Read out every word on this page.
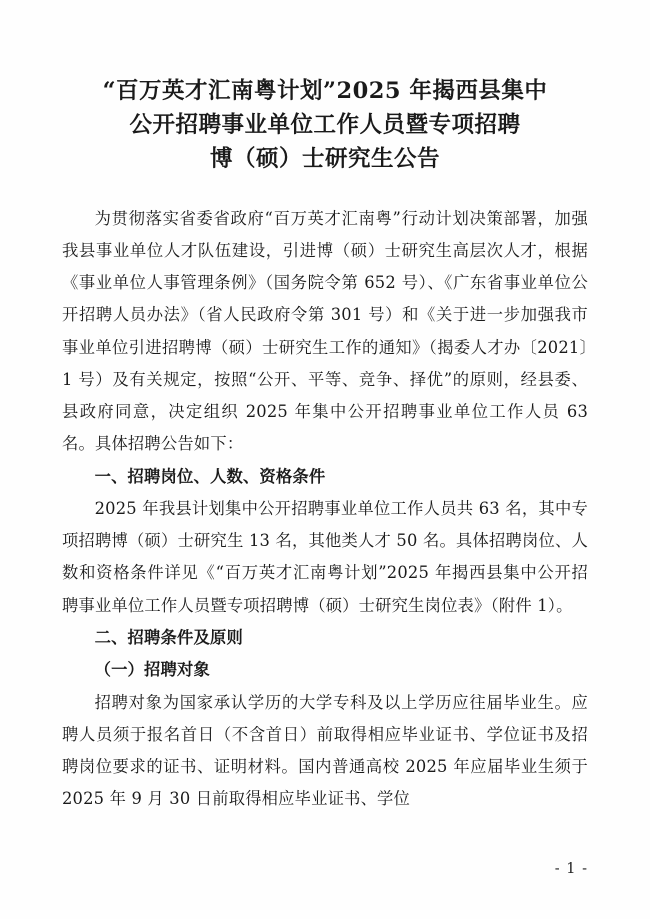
“百万英才汇南粤计划”2025 年揭西县集中
公开招聘事业单位工作人员暨专项招聘
博（硕）士研究生公告

为贯彻落实省委省政府“百万英才汇南粤”行动计划决策部署，加强我县事业单位人才队伍建设，引进博（硕）士研究生高层次人才，根据《事业单位人事管理条例》（国务院令第 652 号）、《广东省事业单位公开招聘人员办法》（省人民政府令第 301 号）和《关于进一步加强我市事业单位引进招聘博（硕）士研究生工作的通知》（揭委人才办〔2021〕1 号）及有关规定，按照“公开、平等、竞争、择优”的原则，经县委、县政府同意，决定组织 2025 年集中公开招聘事业单位工作人员 63 名。具体招聘公告如下：

一、招聘岗位、人数、资格条件

2025 年我县计划集中公开招聘事业单位工作人员共 63 名，其中专项招聘博（硕）士研究生 13 名，其他类人才 50 名。具体招聘岗位、人数和资格条件详见《“百万英才汇南粤计划”2025 年揭西县集中公开招聘事业单位工作人员暨专项招聘博（硕）士研究生岗位表》（附件 1）。

二、招聘条件及原则

（一）招聘对象

招聘对象为国家承认学历的大学专科及以上学历应往届毕业生。应聘人员须于报名首日（不含首日）前取得相应毕业证书、学位证书及招聘岗位要求的证书、证明材料。国内普通高校 2025 年应届毕业生须于 2025 年 9 月 30 日前取得相应毕业证书、学位

- 1 -
